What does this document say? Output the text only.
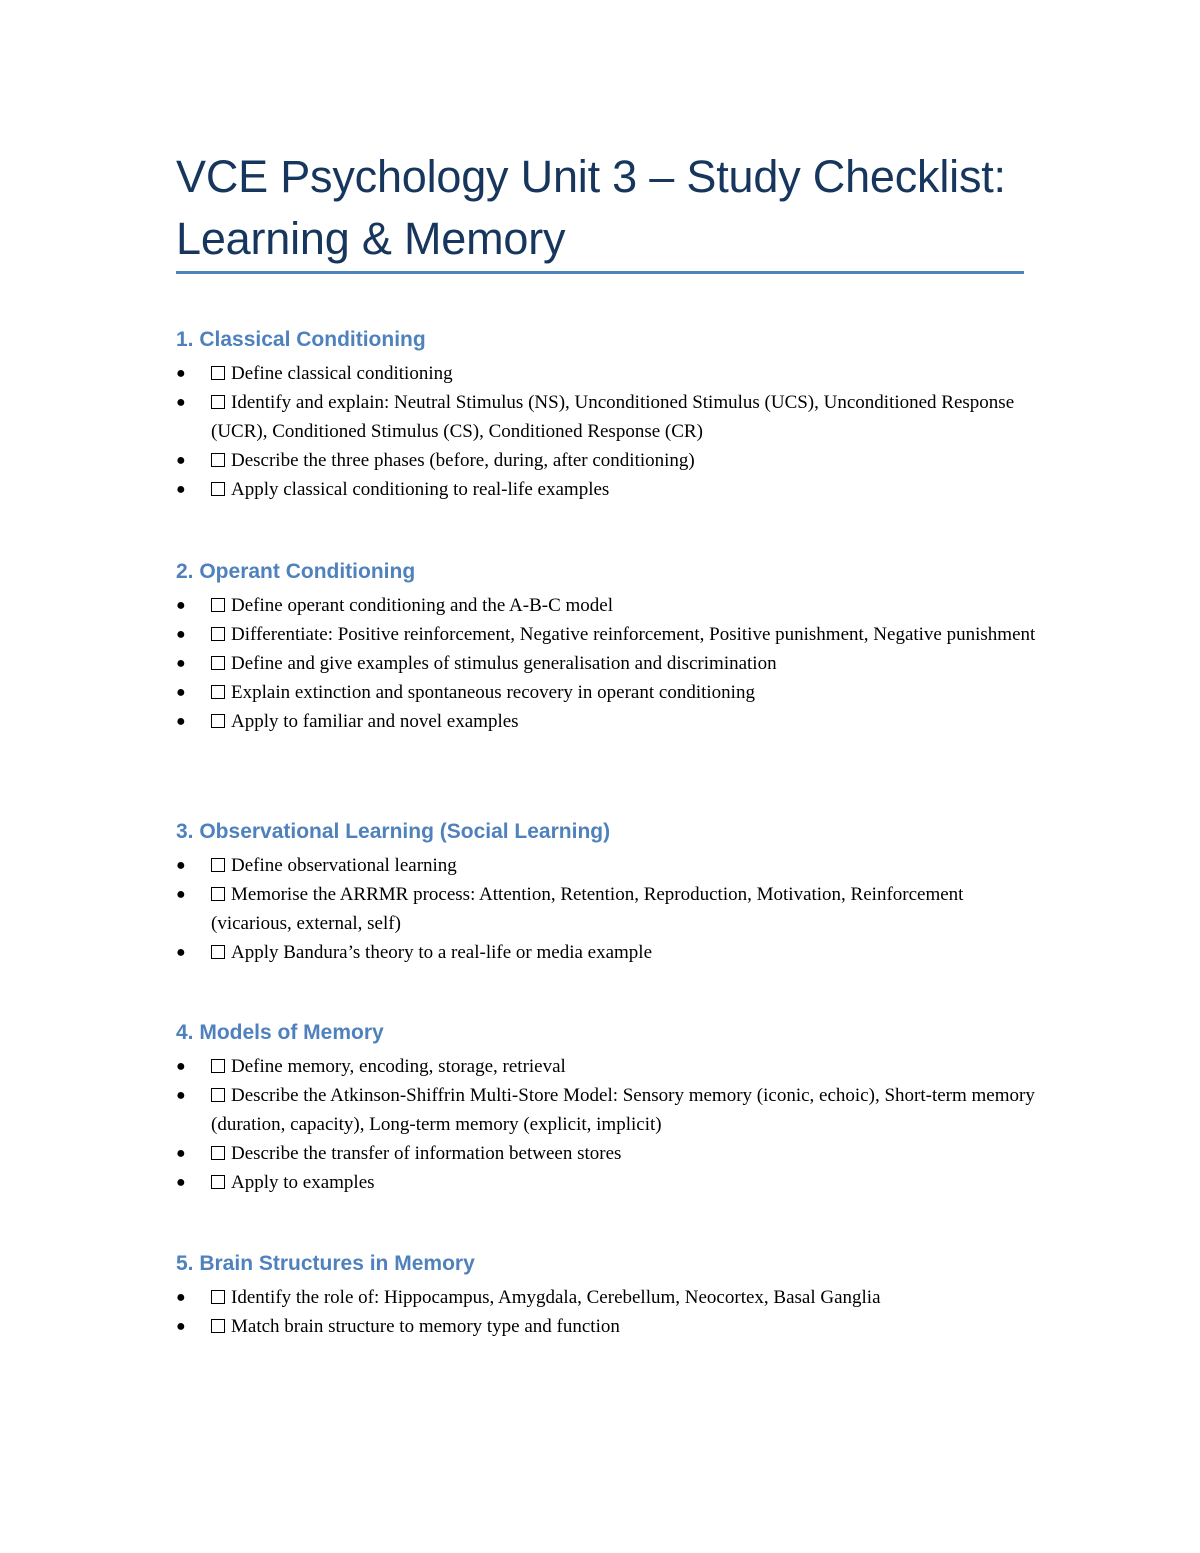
VCE Psychology Unit 3 – Study Checklist: Learning & Memory
1. Classical Conditioning
● Define classical conditioning
● Identify and explain: Neutral Stimulus (NS), Unconditioned Stimulus (UCS), Unconditioned Response (UCR), Conditioned Stimulus (CS), Conditioned Response (CR)
● Describe the three phases (before, during, after conditioning)
● Apply classical conditioning to real-life examples
2. Operant Conditioning
● Define operant conditioning and the A-B-C model
● Differentiate: Positive reinforcement, Negative reinforcement, Positive punishment, Negative punishment
● Define and give examples of stimulus generalisation and discrimination
● Explain extinction and spontaneous recovery in operant conditioning
● Apply to familiar and novel examples
3. Observational Learning (Social Learning)
● Define observational learning
● Memorise the ARRMR process: Attention, Retention, Reproduction, Motivation, Reinforcement (vicarious, external, self)
● Apply Bandura’s theory to a real-life or media example
4. Models of Memory
● Define memory, encoding, storage, retrieval
● Describe the Atkinson-Shiffrin Multi-Store Model: Sensory memory (iconic, echoic), Short-term memory (duration, capacity), Long-term memory (explicit, implicit)
● Describe the transfer of information between stores
● Apply to examples
5. Brain Structures in Memory
● Identify the role of: Hippocampus, Amygdala, Cerebellum, Neocortex, Basal Ganglia
● Match brain structure to memory type and function
